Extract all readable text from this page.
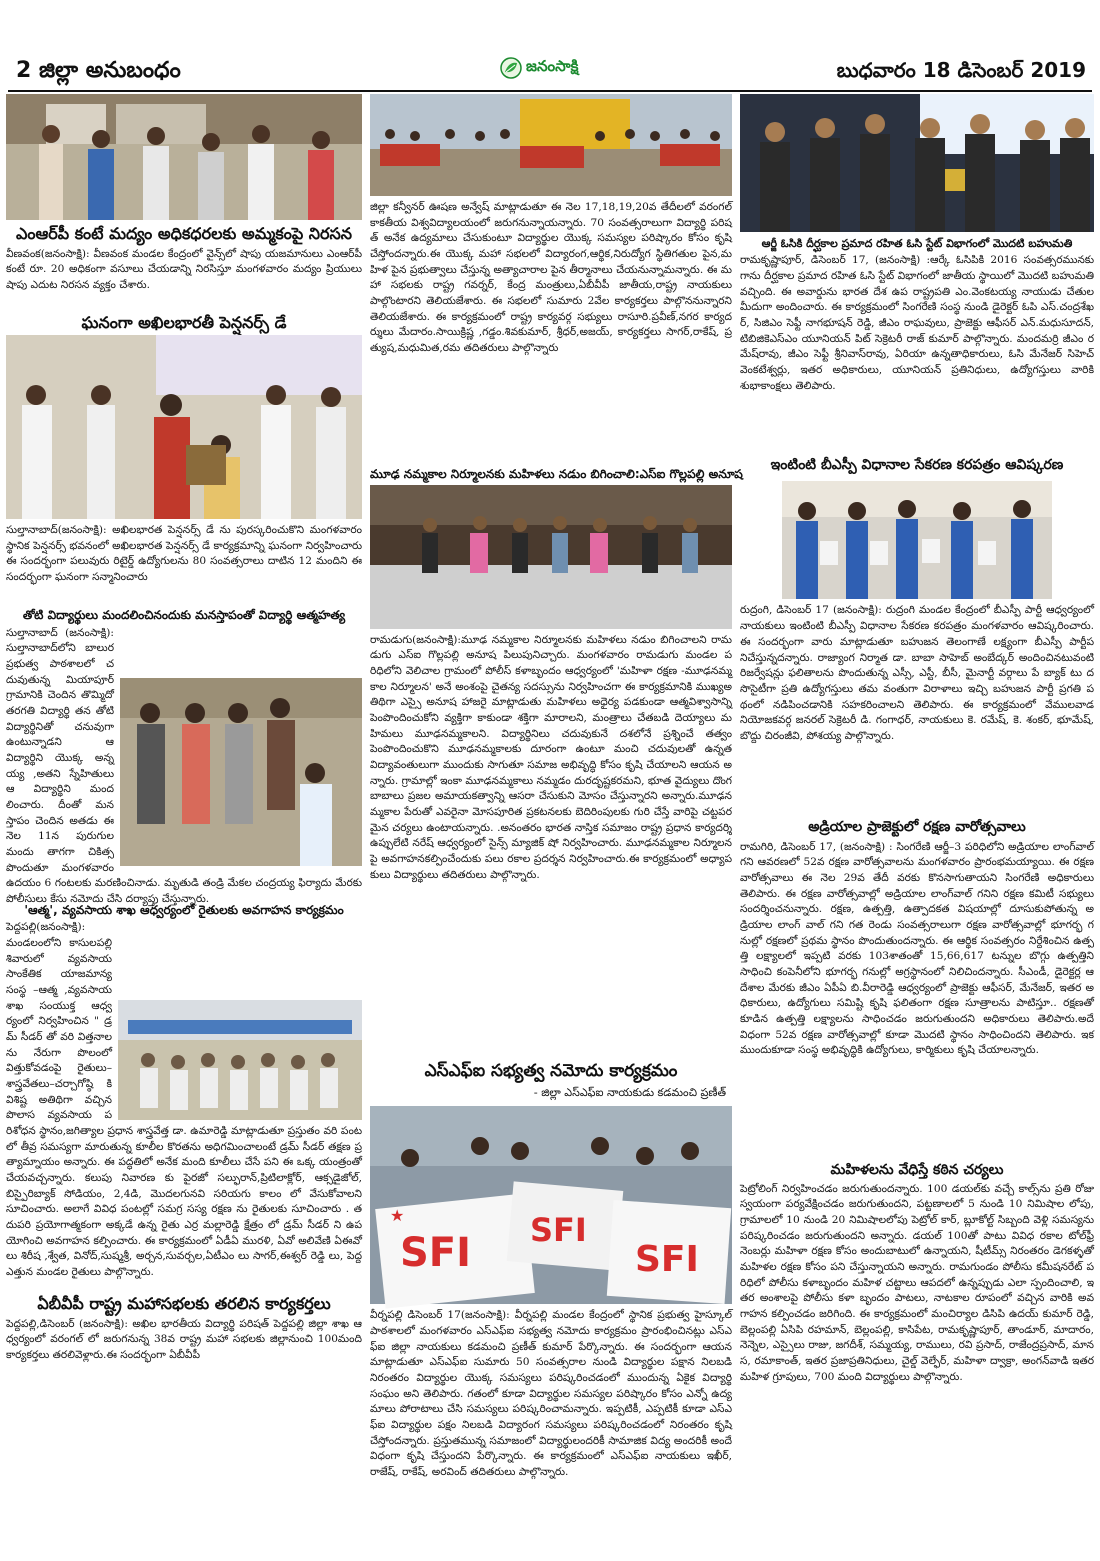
2 జిల్లా అనుబంధం	జనంసాక్షి	బుధవారం 18 డిసెంబర్ 2019
ఎంఆర్‌పీ కంటే మద్యం అధికధరలకు అమ్మకంపై నిరసన
వీణవంక(జనంసాక్షి): వీణవంక మండల కేంద్రంలో వైన్స్‌లో షాపు యజమానులు ఎంఆర్‌పీ కంటే రూ. 20 అధికంగా వసూలు చేయడాన్ని నిరసిస్తూ మంగళవారం మద్యం ప్రియులు షాపు ఎదుట నిరసన వ్యక్తం చేశారు.
ఘనంగా అఖిలభారతీ పెన్షనర్స్ డే
సుల్తానాబాద్(జనంసాక్షి): అఖిలభారత పెన్షనర్స్ డే ను పురస్కరించుకొని మంగళవారం స్థానిక పెన్షనర్స్ భవనంలో అఖిలభారత పెన్షనర్స్ డే కార్యక్రమాన్ని ఘనంగా నిర్వహించారు ఈ సందర్భంగా పలువురు రిటైర్డ్ ఉద్యోగులను 80 సంవత్సరాలు దాటిన 12 మందిని ఈ సందర్భంగా ఘనంగా సన్మానించారు
తోటి విద్యార్థులు మందలించినందుకు మనస్తాపంతో విద్యార్థి ఆత్మహత్య
సుల్తానాబాద్ (జనంసాక్షి): సుల్తానాబాద్‌లోని బాలుర ప్రభుత్వ పాఠశాలలో చదువుతున్న మియాపూర్ గ్రామానికి చెందిన తొమ్మిదో తరగతి విద్యార్థి తన తోటి విద్యార్థినితో చనువుగా ఉంటున్నాడని ఆ విద్యార్థిని యొక్క అన్నయ్య ,అతని స్నేహితులు ఆ విద్యార్థిని మందలించారు. దీంతో మనస్తాపం చెందిన అతడు ఈ నెల 11న పురుగుల మందు తాగగా చికిత్స పొందుతూ మంగళవారం ఉదయం 6 గంటలకు మరణించినాడు. మృతుడి తండ్రి మేకల చంద్రయ్య ఫిర్యాదు మేరకు పోలీసులు కేసు నమోదు చేసి దర్యాప్తు చేస్తున్నారు.
'ఆత్మ', వ్యవసాయ శాఖ ఆధ్వర్యంలో రైతులకు అవగాహన కార్యక్రమం
పెద్దపల్లి(జనంసాక్షి): మండలంలోని కాసులపల్లి శివారులో వ్యవసాయ సాంకేతిక యాజమాన్య సంస్థ –ఆత్మ ,వ్యవసాయ శాఖ సంయుక్త ఆధ్వర్యంలో నిర్వహించిన " డ్రమ్ సీడర్ తో వరి విత్తనాలను నేరుగా పొలంలో విత్తుకోవడంపై రైతులు–శాస్త్రవేతలు–చర్చాగోష్ఠి కి విశిష్ట అతిథిగా వచ్చిన పొలాస వ్యవసాయ పరిశోధన స్థానం,జగిత్యాల ప్రధాన శాస్త్రవేత్త డా. ఉమారెడ్డి మాట్లాడుతూ ప్రస్తుతం వరి పంటలో తీవ్ర సమస్యగా మారుతున్న కూలీల కొరతను అధిగమించాలంటే డ్రమ్ సీడర్ తక్షణ ప్రత్యామ్నాయం అన్నారు. ఈ పద్ధతిలో అనేక మంది కూలీలు చేసే పని ఈ ఒక్క యంత్రంతో చేయవచ్చన్నారు. కలుపు నివారణ కు పైరజో సల్ఫురాన్,ప్రిటిలాక్లోర్, ఆక్సడైజోల్, బిస్పైరిబ్యాక్ సోడియం, 2,4డి, మొదలగునవి సరియగు కాలం లో వేసుకోవాలని సూచించారు. అలాగే వివిధ పంటల్లో సమగ్ర సస్య రక్షణ ను రైతులకు సూచించారు . తదుపరి ప్రయోగాత్మకంగా అక్కడే ఉన్న రైతు ఎర్ర మల్లారెడ్డి క్షేత్రం లో డ్రమ్ సీడర్ ని ఉపయోగించి అవగాహన కల్పించారు. ఈ కార్యక్రమంలో ఏడీఏ మురళి, ఏవో అలివేణి ఏఈవో లు శిరీష ,శ్వేత, వినోద్,సుష్మశ్రీ, అర్చన,సువర్చల,ఏటీఎం లు సాగర్,ఈశ్వర్ రెడ్డి లు, పెద్ద ఎత్తున మండల రైతులు పాల్గొన్నారు.
ఏబీవీపీ రాష్ట్ర మహాసభలకు తరలిన కార్యకర్తలు
పెద్దపల్లి,డిసెంబర్ (జనంసాక్షి): అఖిల భారతీయ విద్యార్థి పరిషత్ పెద్దపల్లి జిల్లా శాఖ ఆధ్వర్యంలో వరంగల్ లో జరుగనున్న 38వ రాష్ట్ర మహా సభలకు జిల్లానుంచి 100మంది కార్యకర్తలు తరలివెళ్లారు.ఈ సందర్భంగా ఏబీవీపీ
జిల్లా కన్వీనర్ ఊషణ అన్వేష్ మాట్లాడుతూ ఈ నెల 17,18,19,20వ తేదీలలో వరంగల్ కాకతీయ విశ్వవిద్యాలయంలో జరుగనున్నాయన్నారు. 70 సంవత్సరాలుగా విద్యార్థి పరిషత్ అనేక ఉద్యమాలు చేసుకుంటూ విద్యార్థుల యొక్క సమస్యల పరిష్కారం కోసం కృషి చేస్తోందన్నారు.ఈ యొక్క మహా సభలలో విద్యారంగ,ఆర్థిక,నిరుద్యోగ స్థితిగతుల పైన,మహిళ పైన ప్రభుత్వాలు చేస్తున్న అత్యాచారాల పైన తీర్మానాలు చేయనున్నామన్నారు. ఈ మహా సభలకు రాష్ట్ర గవర్నర్, కేంద్ర మంత్రులు,ఏబీవీపీ జాతీయ,రాష్ట్ర నాయకులు పాల్గొంటారని తెలియజేశారు. ఈ సభలలో సుమారు 2వేల కార్యకర్తలు పాల్గొననున్నారని తెలియజేశారు. ఈ కార్యక్రమంలో రాష్ట్ర కార్యవర్గ సభ్యులు రాసూరి.ప్రవీణ్,నగర కార్యదర్శులు మేదారం.సాయిక్రిష్ణ ,గడ్డం.శివకుమార్, శ్రీధర్,అజయ్, కార్యకర్తలు సాగర్,రాకేష్, ప్రత్యుష,మధుమిత,రమ తదితరులు పాల్గొన్నారు
మూఢ నమ్మకాల నిర్మూలనకు మహిళలు నడుం బిగించాలి:ఎస్ఐ గొల్లపల్లి అనూష
రామడుగు(జనంసాక్షి):మూఢ నమ్మకాల నిర్మూలనకు మహిళలు నడుం బిగించాలని రామడుగు ఎస్ఐ గొల్లపల్లి అనూష పిలుపునిచ్చారు. మంగళవారం రామడుగు మండల పరిధిలోని వెలిచాల గ్రామంలో పోలీస్ కళాబృందం ఆధ్వర్యంలో 'మహిళా రక్షణ -మూఢనమ్మకాల నిర్మూలన' అనే అంశంపై చైతన్య సదస్సును నిర్వహించగా ఈ కార్యక్రమానికి ముఖ్యఅతిథిగా ఎస్సై అనూష హాజరై మాట్లాడుతు మహిళలు అధైర్య పడకుండా ఆత్మవిశ్వాసాన్ని పెంపొందించుకోని వ్యక్తిగా కాకుండా శక్తిగా మారాలని, మంత్రాలు చేతబడి దెయ్యాలు మహిమలు మూఢనమ్మకాలని. విద్యార్థినిలు చదువుకునే దశలోనే ప్రశ్నించే తత్వం పెంపొందించుకొని మూఢనమ్మకాలకు దూరంగా ఉంటూ మంచి చదువులతో ఉన్నత విద్యావంతులుగా ముందుకు సాగుతూ సమాజ అభివృద్ధి కోసం కృషి చేయాలని ఆయన అన్నారు. గ్రామాల్లో ఇంకా మూఢనమ్మకాలు నమ్మడం దురదృష్టకరమని, భూత వైద్యులు దొంగ బాబాలు ప్రజల అమాయకత్వాన్ని ఆసరా చేసుకుని మోసం చేస్తున్నారని అన్నారు.మూఢనమ్మకాల పేరుతో ఎవరైనా మోసపూరిత ప్రకటనలకు బెదిరింపులకు గురి చేస్తే వారిపై చట్టపరమైన చర్యలు ఉంటాయన్నారు. .అనంతరం భారత నాస్తిక సమాజం రాష్ట్ర ప్రధాన కార్యదర్శి ఉప్పులేటి నరేష్ ఆధ్వర్యంలో సైన్స్ మ్యాజిక్ షో నిర్వహించారు. మూఢనమ్మకాల నిర్మూలనపై అవగాహనకల్పించేందుకు పలు రకాల ప్రదర్శన నిర్వహించారు.ఈ కార్యక్రమంలో అధ్యాపకులు విద్యార్థులు తదితరులు పాల్గొన్నారు.
ఎస్ఎఫ్ఐ సభ్యత్వ నమోదు కార్యక్రమం
- జిల్లా ఎస్ఎఫ్ఐ నాయకుడు కడమంచి ప్రణీత్
SFI SFI
SFI
★
వీర్నపల్లి డిసెంబర్ 17(జనంసాక్షి): వీర్నపల్లి మండల కేంద్రంలో స్థానిక ప్రభుత్వ హైస్కూల్ పాఠశాలలో మంగళవారం ఎస్ఎఫ్ఐ సభ్యత్వ నమోదు కార్యక్రమం ప్రారంభించినట్లు ఎస్ఎఫ్ఐ జిల్లా నాయకులు కడమంచి ప్రణీత్ కుమార్ పేర్కొన్నారు. ఈ సందర్భంగా ఆయన మాట్లాడుతూ ఎస్ఎఫ్ఐ సుమారు 50 సంవత్సరాల నుండి విద్యార్థుల పక్షాన నిలబడి నిరంతరం విద్యార్థుల యొక్క సమస్యలు పరిష్కరించడంలో ముందున్న ఏకైక విద్యార్థి సంఘం అని తెలిపారు. గతంలో కూడా విద్యార్థుల సమస్యల పరిష్కారం కోసం ఎన్నో ఉద్యమాలు పోరాటాలు చేసి సమస్యలు పరిష్కరించామన్నారు. ఇప్పటికీ, ఎప్పటికీ కూడా ఎస్ఎఫ్ఐ విద్యార్థుల పక్షం నిలబడి విద్యారంగ సమస్యలు పరిష్కరించడంలో నిరంతరం కృషి చేస్తోందన్నారు. ప్రస్తుతమున్న సమాజంలో విద్యార్థులందరికీ సామాజిక విద్య అందరికీ అందే విధంగా కృషి చేస్తుందని పేర్కొన్నారు. ఈ కార్యక్రమంలో ఎస్ఎఫ్ఐ నాయకులు ఇఖీర్, రాజేష్, రాకేష్, అరవింద్ తదితరులు పాల్గొన్నారు.
ఆర్జీ ఓసికి దీర్ఘకాల ప్రమాద రహిత ఓసి స్టేట్ విభాగంలో మొదటి బహుమతి
రామకృష్ణాపూర్, డిసెంబర్ 17, (జనంసాక్షి) :ఆర్కే ఓసిపికి 2016 సంవత్సరమునకు గాను దీర్ఘకాల ప్రమాద రహిత ఓసి స్టేట్ విభాగంలో జాతీయ స్థాయిలో మొదటి బహుమతి వచ్చింది. ఈ అవార్డును భారత దేశ ఉప రాష్ట్రపతి ఎం.వెంకటయ్య నాయుడు చేతుల మీదుగా అందించారు. ఈ కార్యక్రమంలో సింగరేణి సంస్థ నుండి డైరెక్టర్ ఓపి ఎస్.చంద్రశేఖర్, సిజిఎం సెఫ్టీ నాగభూషన్ రెడ్డి, జీఎం రాఘవులు, ప్రాజెక్టు ఆఫీసర్ ఎన్.మధుసూదన్, టిబిజికెఎస్ఎం యూనియన్ పిట్ సెక్రెటరీ రాజ్ కుమార్ పాల్గొన్నారు. మందమర్రి జీఎం రమేష్‌రావు, జీఎం సెఫ్టీ శ్రీనివాస్‌రావు, ఏరియా ఉన్నతాధికారులు, ఓసి మేనేజర్ సిహెచ్ వెంకటేశ్వర్లు, ఇతర అధికారులు, యూనియన్ ప్రతినిధులు, ఉద్యోగస్తులు వారికి శుభాకాంక్షలు తెలిపారు.
ఇంటింటి బీఎస్పీ విధానాల సేకరణ కరపత్రం ఆవిష్కరణ
రుద్రంగి, డిసెంబర్ 17 (జనంసాక్షి): రుద్రంగి మండల కేంద్రంలో బీఎస్పీ పార్టీ ఆధ్వర్యంలో నాయకులు ఇంటింటి బీఎస్పీ విధానాల సేకరణ కరపత్రం మంగళవారం ఆవిష్కరించారు. ఈ సందర్భంగా వారు మాట్లాడుతూ బహుజన తెలంగాణే లక్ష్యంగా బీఎస్పీ పార్టీపనిచేస్తున్నదన్నారు. రాజ్యాంగ నిర్మాత డా. బాబా సాహెబ్ అంబేద్కర్ అందించినటువంటి రిజర్వేషన్లు ఫలితాలను పొందుతున్న ఎస్సీ, ఎస్టీ, బీసీ, మైనార్టీ వర్గాలు పే బ్యాక్ టు ద సొసైటీగా ప్రతి ఉద్యోగస్తులు తమ వంతుగా విరాళాలు ఇచ్చి బహుజన పార్టీ ప్రగతి పథంలో నడిపించడానికి సహకరించాలని తెలిపారు. ఈ కార్యక్రమంలో వేములవాడ నియోజకవర్గ జనరల్ సెక్రెటరీ డి. గంగాధర్, నాయకులు కె. రమేష్, కె. శంకర్, భూమేష్, బొద్దు చిరంజీవి, పోశయ్య పాల్గొన్నారు.
అడ్రియాల ప్రాజెక్టులో రక్షణ వారోత్సవాలు
రామగిరి, డిసెంబర్ 17, (జనంసాక్షి) : సింగరేణి ఆర్జీ–3 పరిధిలోని అడ్రియాల లాంగ్‌వాల్ గని ఆవరణలో 52వ రక్షణ వారోత్సవాలను మంగళవారం ప్రారంభమయ్యాయి. ఈ రక్షణ వారోత్సవాలు ఈ నెల 29వ తేదీ వరకు కొనసాగుతాయని సింగరేణి అధికారులు తెలిపారు. ఈ రక్షణ వారోత్సవాల్లో అడ్రియాల లాంగ్‌వాల్ గనిని రక్షణ కమిటీ సభ్యులు సందర్శించనున్నారు. రక్షణ, ఉత్పత్తి, ఉత్పాదకత విషయాల్లో దూసుకుపోతున్న అడ్రియాల లాంగ్ వాల్ గని గత రెండు సంవత్సరాలుగా రక్షణ వారోత్సవాల్లో భూగర్భ గనుల్లో రక్షణలో ప్రథమ స్థానం పొందుతుందన్నారు. ఈ ఆర్థిక సంవత్సరం నిర్దేశించిన ఉత్పత్తి లక్ష్యాలలో ఇప్పటి వరకు 103శాతంతో 15,66,617 టన్నుల బొగ్గు ఉత్పత్తిని సాధించి కంపెనీలోని భూగర్భ గనుల్లో అగ్రస్థానంలో నిలిచిందన్నారు. సీఎండీ, డైరెక్టర్ల ఆదేశాల మేరకు జీఎం ఏపీఏ బి.వీరారెడ్డి ఆధ్వర్యంలో ప్రాజెక్టు ఆఫీసర్, మేనేజర్, ఇతర అధికారులు, ఉద్యోగులు సమిష్టి కృషి ఫలితంగా రక్షణ సూత్రాలను పాటిస్తూ.. రక్షణతో కూడిన ఉత్పత్తి లక్ష్యాలను సాధించడం జరుగుతుందని అధికారులు తెలిపారు.అదే విధంగా 52వ రక్షణ వారోత్సవాల్లో కూడా మొదటి స్థానం సాధించిందని తెలిపారు. ఇక ముందుకూడా సంస్థ అభివృద్ధికి ఉద్యోగులు, కార్మికులు కృషి చేయాలన్నారు.
మహిళలను వేధిస్తే కఠిన చర్యలు
పెట్రోలింగ్ నిర్వహించడం జరుగుతుందన్నారు. 100 డయల్‌కు వచ్చే కాల్స్‌ను ప్రతి రోజు స్వయంగా పర్యవేక్షించడం జరుగుతుందని, పట్టణాలలో 5 నుండి 10 నిమిషాల లోపు, గ్రామాలలో 10 నుండి 20 నిమిషాలలోపు పెట్రోల్ కార్, బ్లూకోల్ట్ సిబ్బంది వెళ్లి సమస్యను పరిష్కరించడం జరుగుతుందని అన్నారు. డయల్ 100తో పాటు వివిధ రకాల టోల్‌ఫ్రీ నెంబర్లు మహిళా రక్షణ కోసం అందుబాటులో ఉన్నాయని, షీటీమ్స్ నిరంతరం డెగకళ్ళతో మహిళల రక్షణ కోసం పని చేస్తున్నాయని అన్నారు. రామగుండం పోలీసు కమీషనరేట్ పరిధిలో పోలీసు కళాబృందం మహిళ చట్టాలు ఆపదలో ఉన్నప్పుడు ఎలా స్పందించాలి, ఇతర అంశాలపై పోలీసు కళా బృందం పాటలు, నాటకాల రూపంలో వచ్చిన వారికి అవగాహన కల్పించడం జరిగింది. ఈ కార్యక్రమంలో మంచిర్యాల డిసిపి ఉదయ్ కుమార్ రెడ్డి, బెల్లంపల్లి ఏసిపి రహమాన్, బెల్లంపల్లి, కాసిపేట, రామకృష్ణాపూర్, తాండూర్, మాదారం, నెన్నెల, ఎస్సైలు రాజు, జగదీశ్, సమ్మయ్య, రాములు, రవి ప్రసాద్, రాజేంద్రప్రసాద్, మానస, రమాకాంత్, ఇతర ప్రజాప్రతినిధులు, చైల్డ్ వెల్ఫేర్, మహిళా ద్వాక్రా, అంగన్‌వాడి ఇతర మహిళ గ్రూపులు, 700 మంది విద్యార్థులు పాల్గొన్నారు.
